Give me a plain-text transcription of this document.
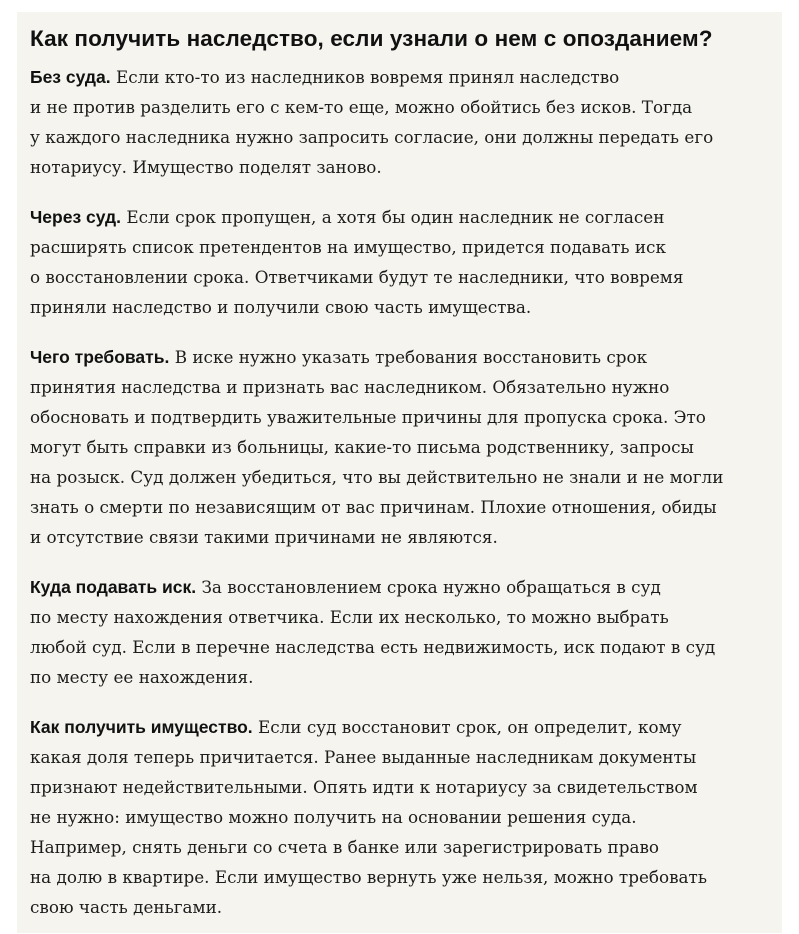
Как получить наследство, если узнали о нем с опозданием?

Без суда. Если кто-то из наследников вовремя принял наследство
и не против разделить его с кем-то еще, можно обойтись без исков. Тогда
у каждого наследника нужно запросить согласие, они должны передать его
нотариусу. Имущество поделят заново.

Через суд. Если срок пропущен, а хотя бы один наследник не согласен
расширять список претендентов на имущество, придется подавать иск
о восстановлении срока. Ответчиками будут те наследники, что вовремя
приняли наследство и получили свою часть имущества.

Чего требовать. В иске нужно указать требования восстановить срок
принятия наследства и признать вас наследником. Обязательно нужно
обосновать и подтвердить уважительные причины для пропуска срока. Это
могут быть справки из больницы, какие-то письма родственнику, запросы
на розыск. Суд должен убедиться, что вы действительно не знали и не могли
знать о смерти по независящим от вас причинам. Плохие отношения, обиды
и отсутствие связи такими причинами не являются.

Куда подавать иск. За восстановлением срока нужно обращаться в суд
по месту нахождения ответчика. Если их несколько, то можно выбрать
любой суд. Если в перечне наследства есть недвижимость, иск подают в суд
по месту ее нахождения.

Как получить имущество. Если суд восстановит срок, он определит, кому
какая доля теперь причитается. Ранее выданные наследникам документы
признают недействительными. Опять идти к нотариусу за свидетельством
не нужно: имущество можно получить на основании решения суда.
Например, снять деньги со счета в банке или зарегистрировать право
на долю в квартире. Если имущество вернуть уже нельзя, можно требовать
свою часть деньгами.
